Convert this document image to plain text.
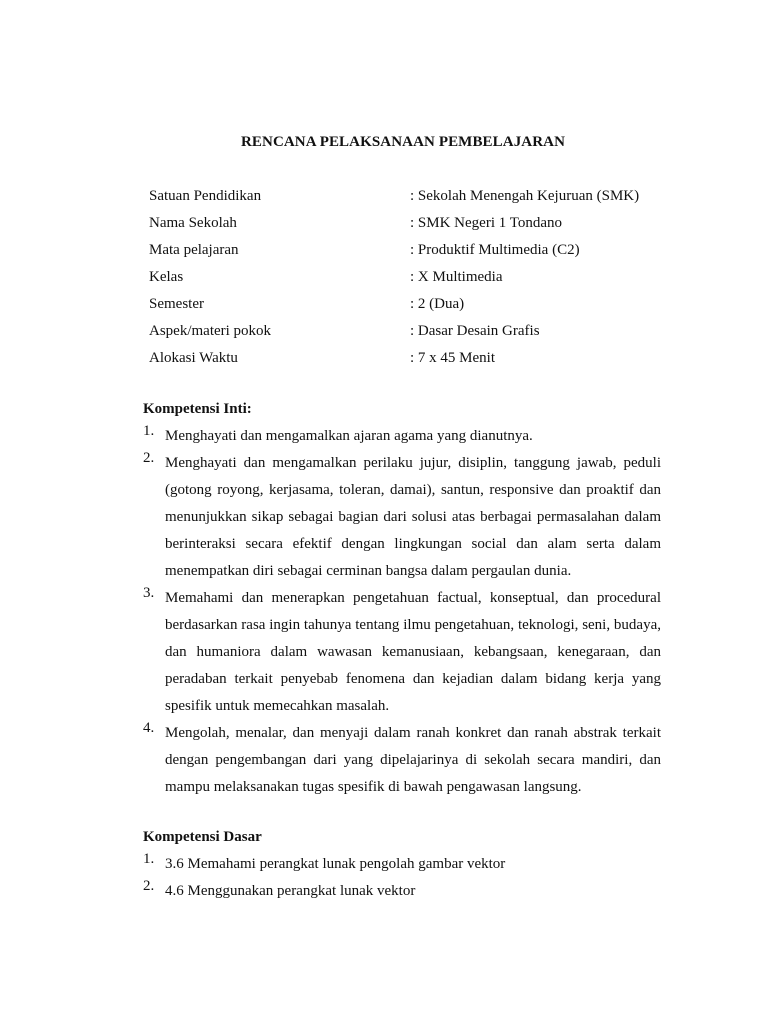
RENCANA PELAKSANAAN PEMBELAJARAN
Satuan Pendidikan	: Sekolah Menengah Kejuruan (SMK)
Nama Sekolah	: SMK Negeri 1 Tondano
Mata pelajaran	: Produktif Multimedia (C2)
Kelas	: X Multimedia
Semester	: 2 (Dua)
Aspek/materi pokok	: Dasar Desain Grafis
Alokasi Waktu	: 7 x 45 Menit
Kompetensi Inti:
1. Menghayati dan mengamalkan ajaran agama yang dianutnya.
2. Menghayati dan mengamalkan perilaku jujur, disiplin, tanggung jawab, peduli (gotong royong, kerjasama, toleran, damai), santun, responsive dan proaktif dan menunjukkan sikap sebagai bagian dari solusi atas berbagai permasalahan dalam berinteraksi secara efektif dengan lingkungan social dan alam serta dalam menempatkan diri sebagai cerminan bangsa dalam pergaulan dunia.
3. Memahami dan menerapkan pengetahuan factual, konseptual, dan procedural berdasarkan rasa ingin tahunya tentang ilmu pengetahuan, teknologi, seni, budaya, dan humaniora dalam wawasan kemanusiaan, kebangsaan, kenegaraan, dan peradaban terkait penyebab fenomena dan kejadian dalam bidang kerja yang spesifik untuk memecahkan masalah.
4. Mengolah, menalar, dan menyaji dalam ranah konkret dan ranah abstrak terkait dengan pengembangan dari yang dipelajarinya di sekolah secara mandiri, dan mampu melaksanakan tugas spesifik di bawah pengawasan langsung.
Kompetensi Dasar
1. 3.6 Memahami perangkat lunak pengolah gambar vektor
2. 4.6 Menggunakan perangkat lunak vektor
